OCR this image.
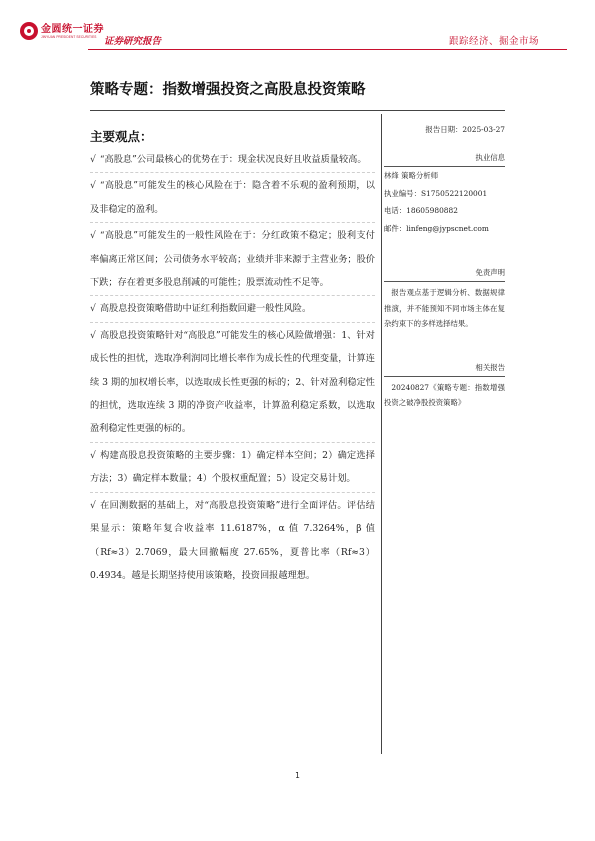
金圆统一证券
JINYUAN PRESIDENT SECURITIES 证券研究报告	跟踪经济、掘金市场
策略专题：指数增强投资之高股息投资策略
主要观点：
√ “高股息”公司最核心的优势在于：现金状况良好且收益质量较高。
√ “高股息”可能发生的核心风险在于：隐含着不乐观的盈利预期，以及非稳定的盈利。
√ “高股息”可能发生的一般性风险在于：分红政策不稳定；股利支付率偏离正常区间；公司债务水平较高；业绩并非来源于主营业务；股价下跌；存在着更多股息削减的可能性；股票流动性不足等。
√ 高股息投资策略借助中证红利指数回避一般性风险。
√ 高股息投资策略针对“高股息”可能发生的核心风险做增强：1、针对成长性的担忧，选取净利润同比增长率作为成长性的代理变量，计算连续 3 期的加权增长率，以选取成长性更强的标的；2、针对盈利稳定性的担忧，选取连续 3 期的净资产收益率，计算盈利稳定系数，以选取盈利稳定性更强的标的。
√ 构建高股息投资策略的主要步骤：1）确定样本空间；2）确定选择方法；3）确定样本数量；4）个股权重配置；5）设定交易计划。
√ 在回测数据的基础上，对“高股息投资策略”进行全面评估。评估结果显示：策略年复合收益率 11.6187%，α 值 7.3264%，β 值（Rf≈3）2.7069，最大回撤幅度 27.65%，夏普比率（Rf≈3）0.4934。越是长期坚持使用该策略，投资回报越理想。
报告日期：2025-03-27
执业信息
林烽 策略分析师
执业编号：S1750522120001
电话：18605980882
邮件：linfeng@jypscnet.com
免责声明
报告观点基于逻辑分析、数据规律推演，并不能预知不同市场主体在复杂约束下的多样选择结果。
相关报告
20240827《策略专题：指数增强投资之破净股投资策略》
1
